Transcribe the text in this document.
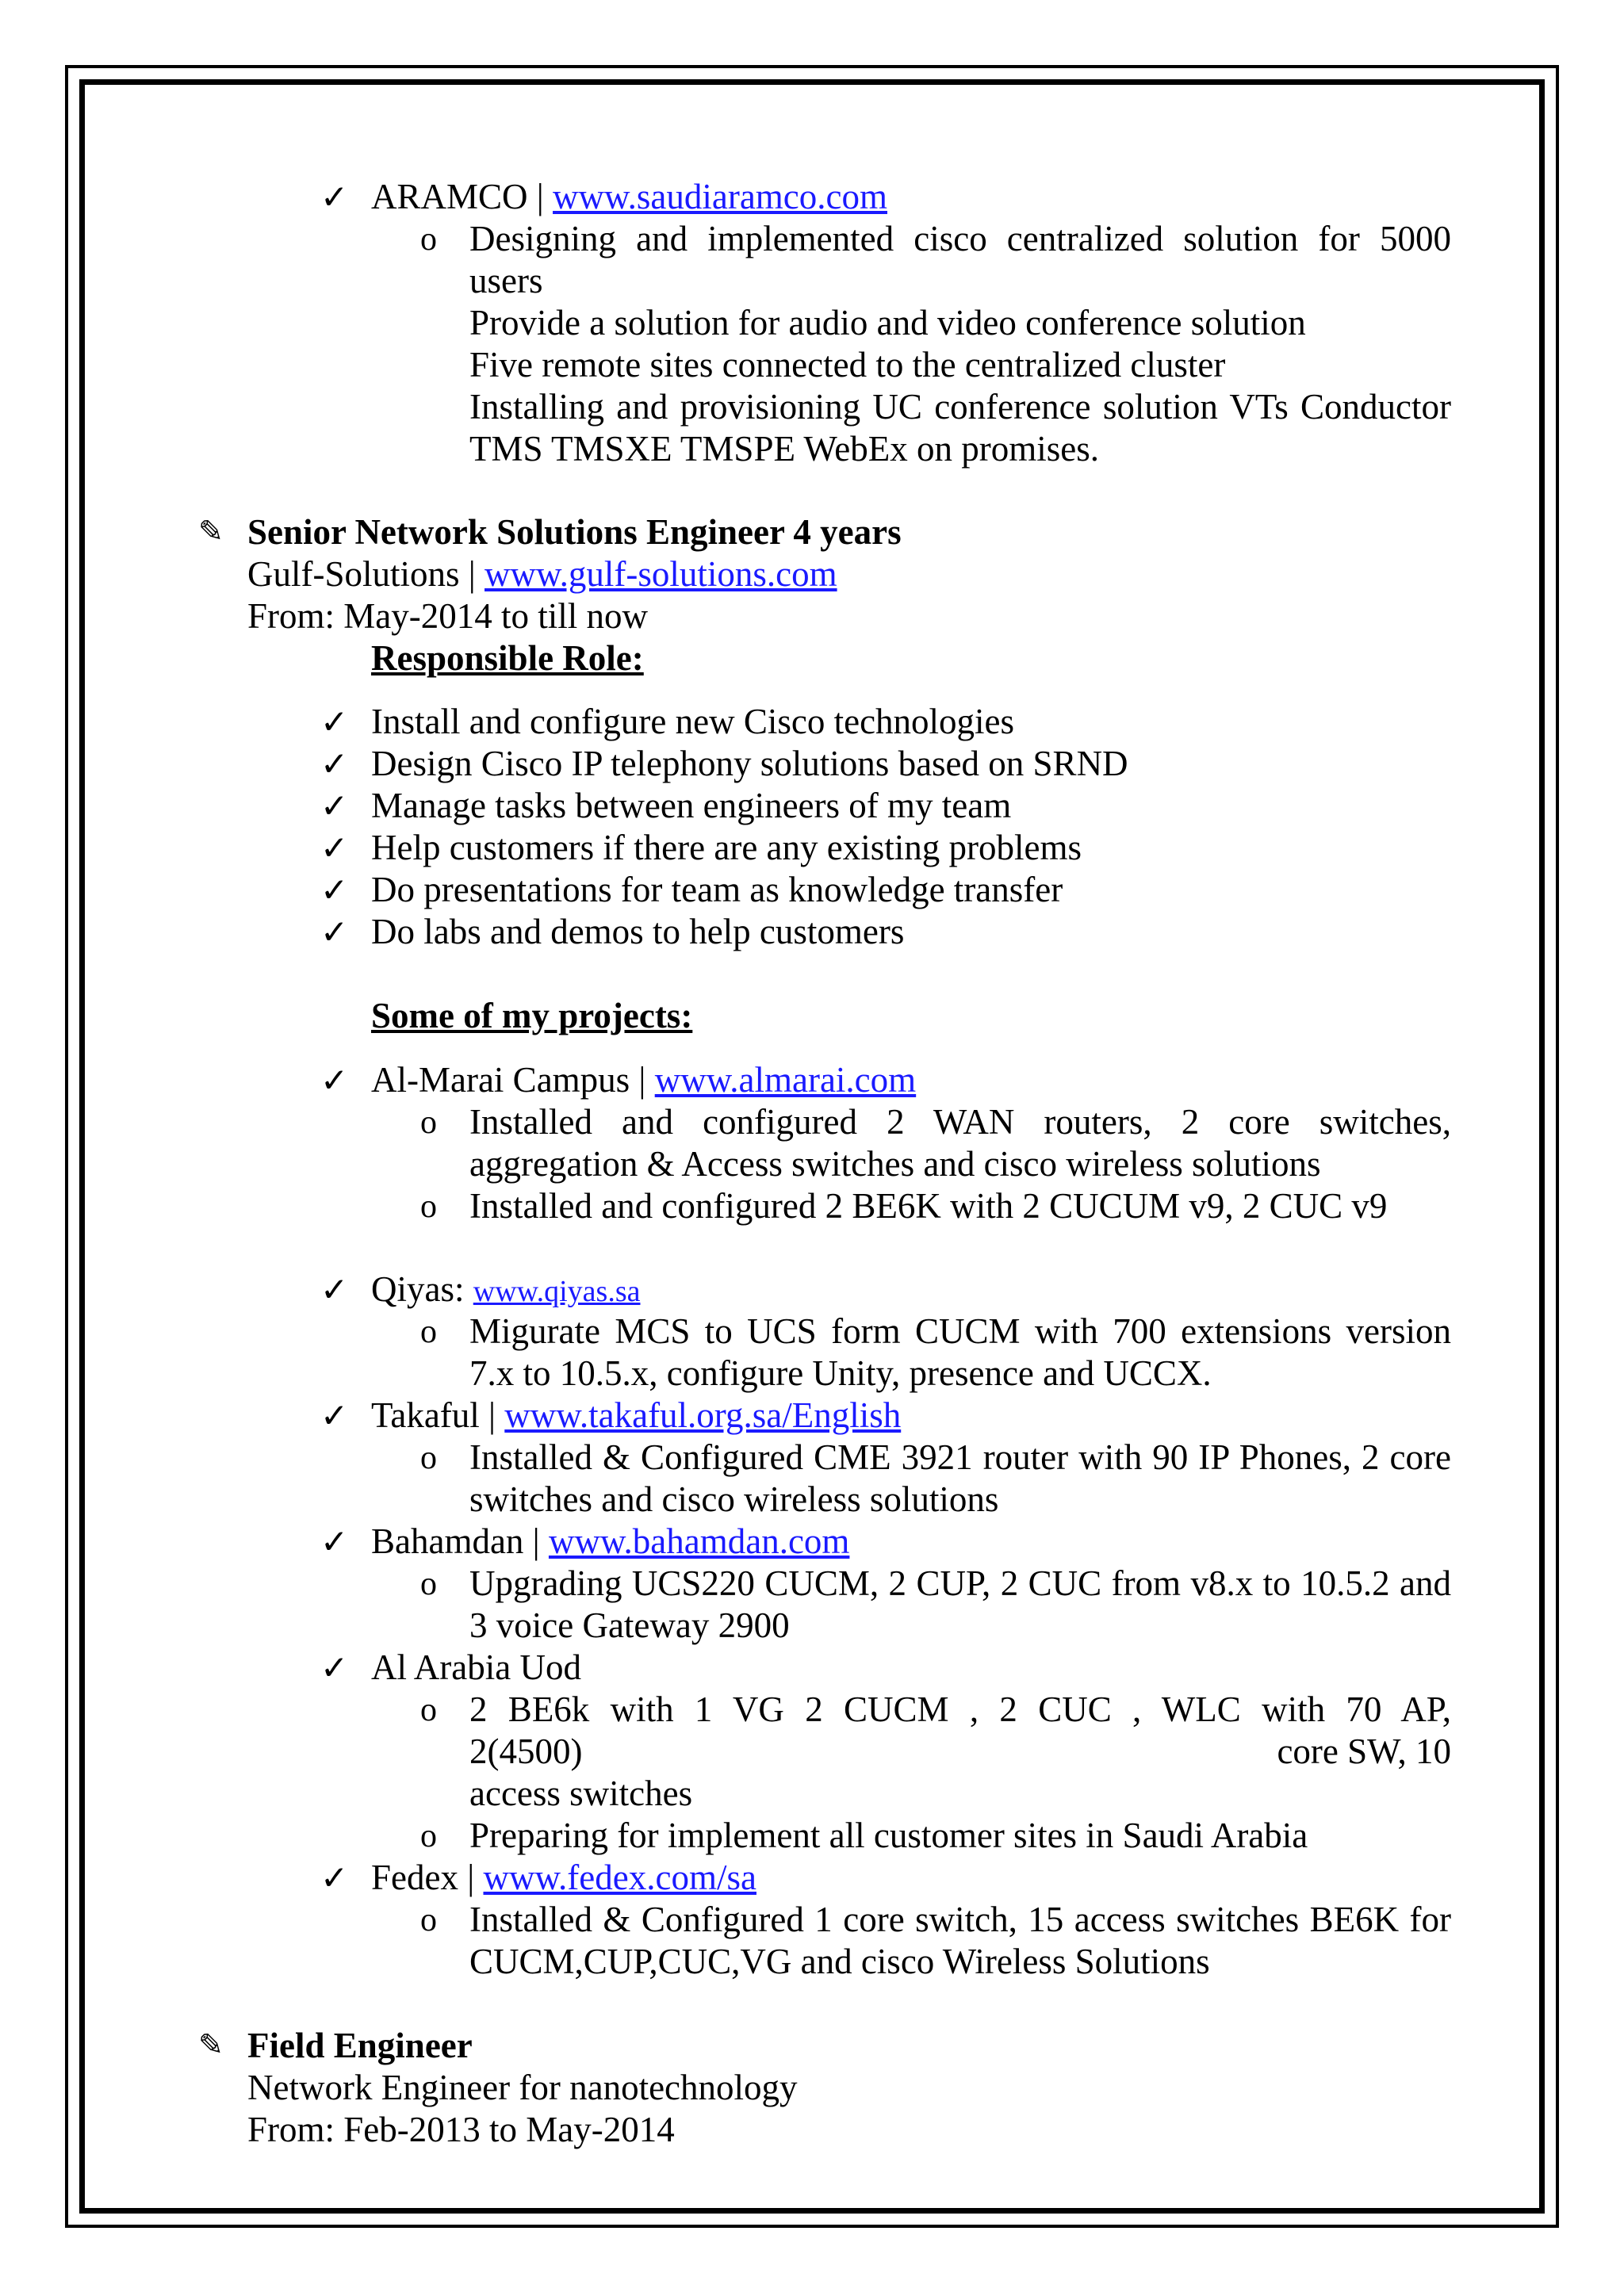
✓ ARAMCO | www.saudiaramco.com
o Designing and implemented cisco centralized solution for 5000 users
Provide a solution for audio and video conference solution
Five remote sites connected to the centralized cluster
Installing and provisioning UC conference solution VTs Conductor TMS TMSXE TMSPE WebEx on promises.
✎ Senior Network Solutions Engineer 4 years
Gulf-Solutions | www.gulf-solutions.com
From: May-2014 to till now
Responsible Role:
✓ Install and configure new Cisco technologies
✓ Design Cisco IP telephony solutions based on SRND
✓ Manage tasks between engineers of my team
✓ Help customers if there are any existing problems
✓ Do presentations for team as knowledge transfer
✓ Do labs and demos to help customers
Some of my projects:
✓ Al-Marai Campus | www.almarai.com
o Installed and configured 2 WAN routers, 2 core switches, aggregation & Access switches and cisco wireless solutions
o Installed and configured 2 BE6K with 2 CUCUM v9, 2 CUC v9
✓ Qiyas: www.qiyas.sa
o Migurate MCS to UCS form CUCM with 700 extensions version 7.x to 10.5.x, configure Unity, presence and UCCX.
✓ Takaful | www.takaful.org.sa/English
o Installed & Configured CME 3921 router with 90 IP Phones, 2 core switches and cisco wireless solutions
✓ Bahamdan | www.bahamdan.com
o Upgrading UCS220 CUCM, 2 CUP, 2 CUC from v8.x to 10.5.2 and 3 voice Gateway 2900
✓ Al Arabia Uod
o 2 BE6k with 1 VG 2 CUCM , 2 CUC , WLC with 70 AP,
2(4500)	core SW, 10
access switches
o Preparing for implement all customer sites in Saudi Arabia
✓ Fedex | www.fedex.com/sa
o Installed & Configured 1 core switch, 15 access switches BE6K for CUCM,CUP,CUC,VG and cisco Wireless Solutions
✎ Field Engineer
Network Engineer for nanotechnology
From: Feb-2013 to May-2014
